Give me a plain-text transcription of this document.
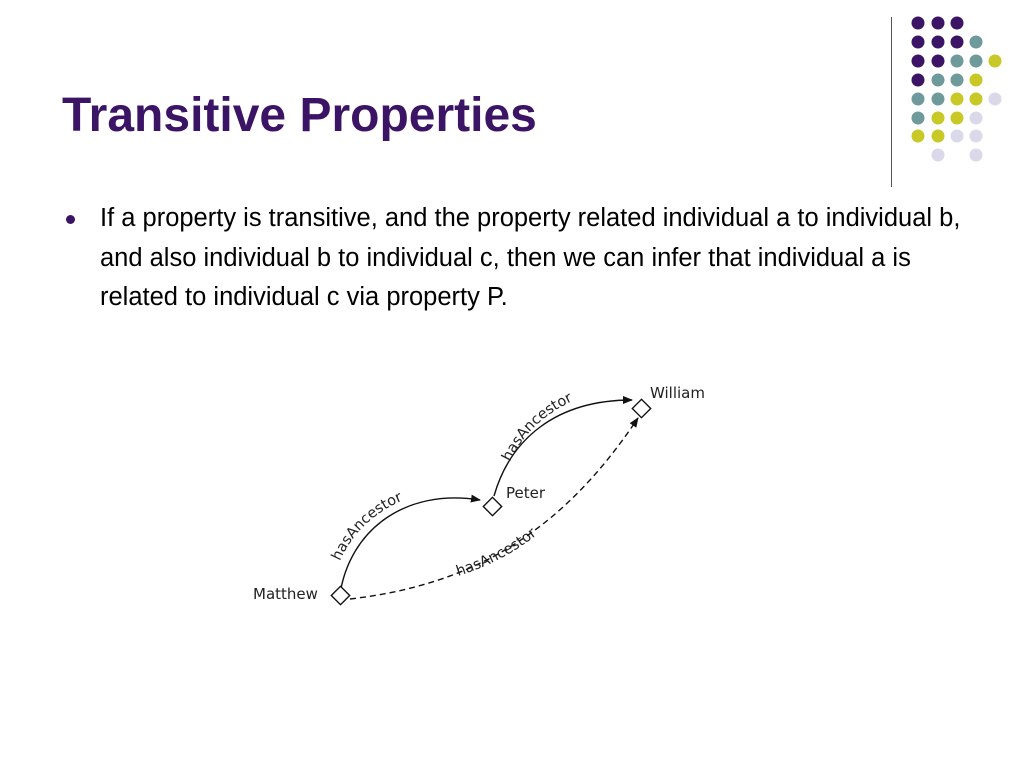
Transitive Properties
If a property is transitive, and the property related individual a to individual b, and also individual b to individual c, then we can infer that individual a is related to individual c via property P.
hasAncestor
hasAncestor
hasAncestor
Matthew
Peter
William
